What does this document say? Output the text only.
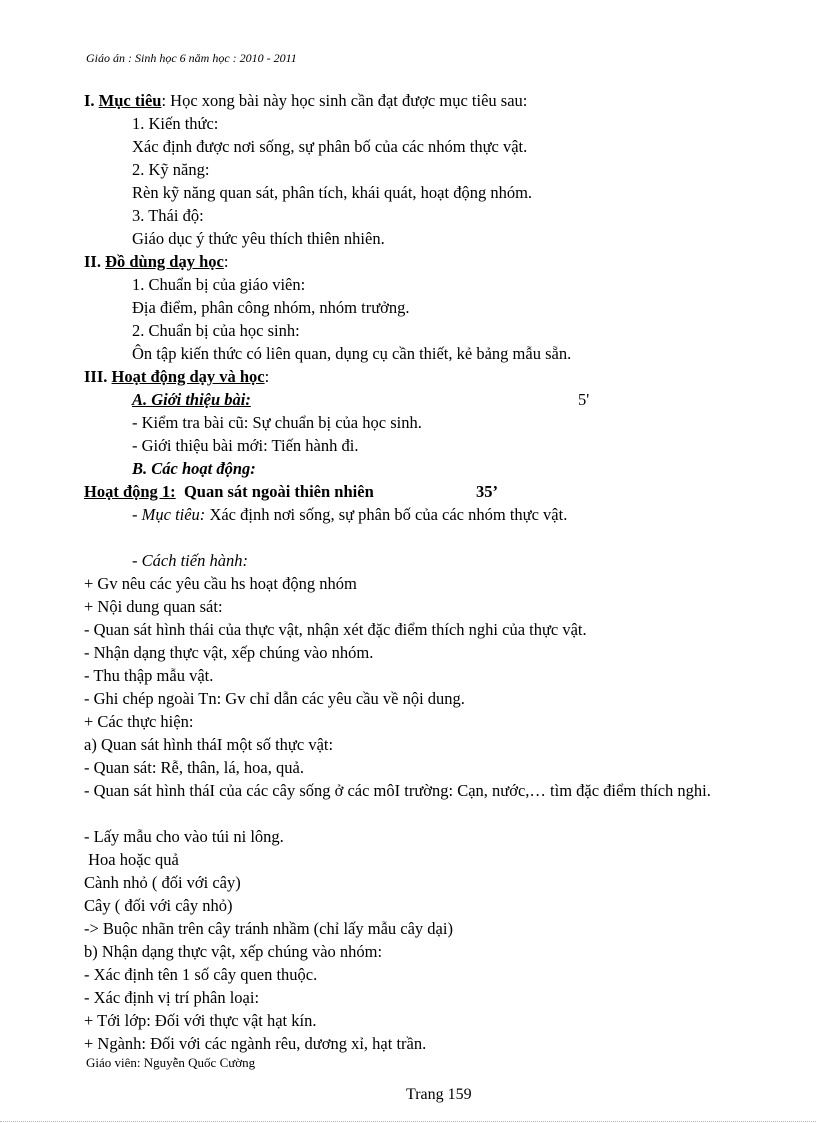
Giáo án : Sinh học 6 năm học : 2010 - 2011
I. Mục tiêu: Học xong bài này học sinh cần đạt được mục tiêu sau:
1. Kiến thức:
Xác định được nơi sống, sự phân bố của các nhóm thực vật.
2. Kỹ năng:
Rèn kỹ năng quan sát, phân tích, khái quát, hoạt động nhóm.
3. Thái độ:
Giáo dục ý thức yêu thích thiên nhiên.
II. Đồ dùng dạy học:
1. Chuẩn bị của giáo viên:
Địa điểm, phân công nhóm, nhóm trưởng.
2. Chuẩn bị của học sinh:
Ôn tập kiến thức có liên quan, dụng cụ cần thiết, kẻ bảng mẫu sẵn.
III. Hoạt động dạy và học:
A. Giới thiệu bài:	5'
- Kiểm tra bài cũ: Sự chuẩn bị của học sinh.
- Giới thiệu bài mới: Tiến hành đi.
B. Các hoạt động:
Hoạt động 1:  Quan sát ngoài thiên nhiên	35’
- Mục tiêu: Xác định nơi sống, sự phân bố của các nhóm thực vật.
- Cách tiến hành:
+ Gv nêu các yêu cầu hs hoạt động nhóm
+ Nội dung quan sát:
- Quan sát hình thái của thực vật, nhận xét đặc điểm thích nghi của thực vật.
- Nhận dạng thực vật, xếp chúng vào nhóm.
- Thu thập mẫu vật.
- Ghi chép ngoài Tn: Gv chỉ dẫn các yêu cầu về nội dung.
+ Các thực hiện:
a) Quan sát hình tháI một số thực vật:
- Quan sát: Rễ, thân, lá, hoa, quả.
- Quan sát hình tháI của các cây sống ở các môI trường: Cạn, nước,… tìm đặc điểm thích nghi.
- Lấy mẫu cho vào túi ni lông.
Hoa hoặc quả
Cành nhỏ ( đối với cây)
Cây ( đối với cây nhỏ)
-> Buộc nhãn trên cây tránh nhầm (chỉ lấy mẫu cây dại)
b) Nhận dạng thực vật, xếp chúng vào nhóm:
- Xác định tên 1 số cây quen thuộc.
- Xác định vị trí phân loại:
+ Tới lớp: Đối với thực vật hạt kín.
+ Ngành: Đối với các ngành rêu, dương xỉ, hạt trần.
Giáo viên: Nguyễn Quốc Cường
Trang 159
